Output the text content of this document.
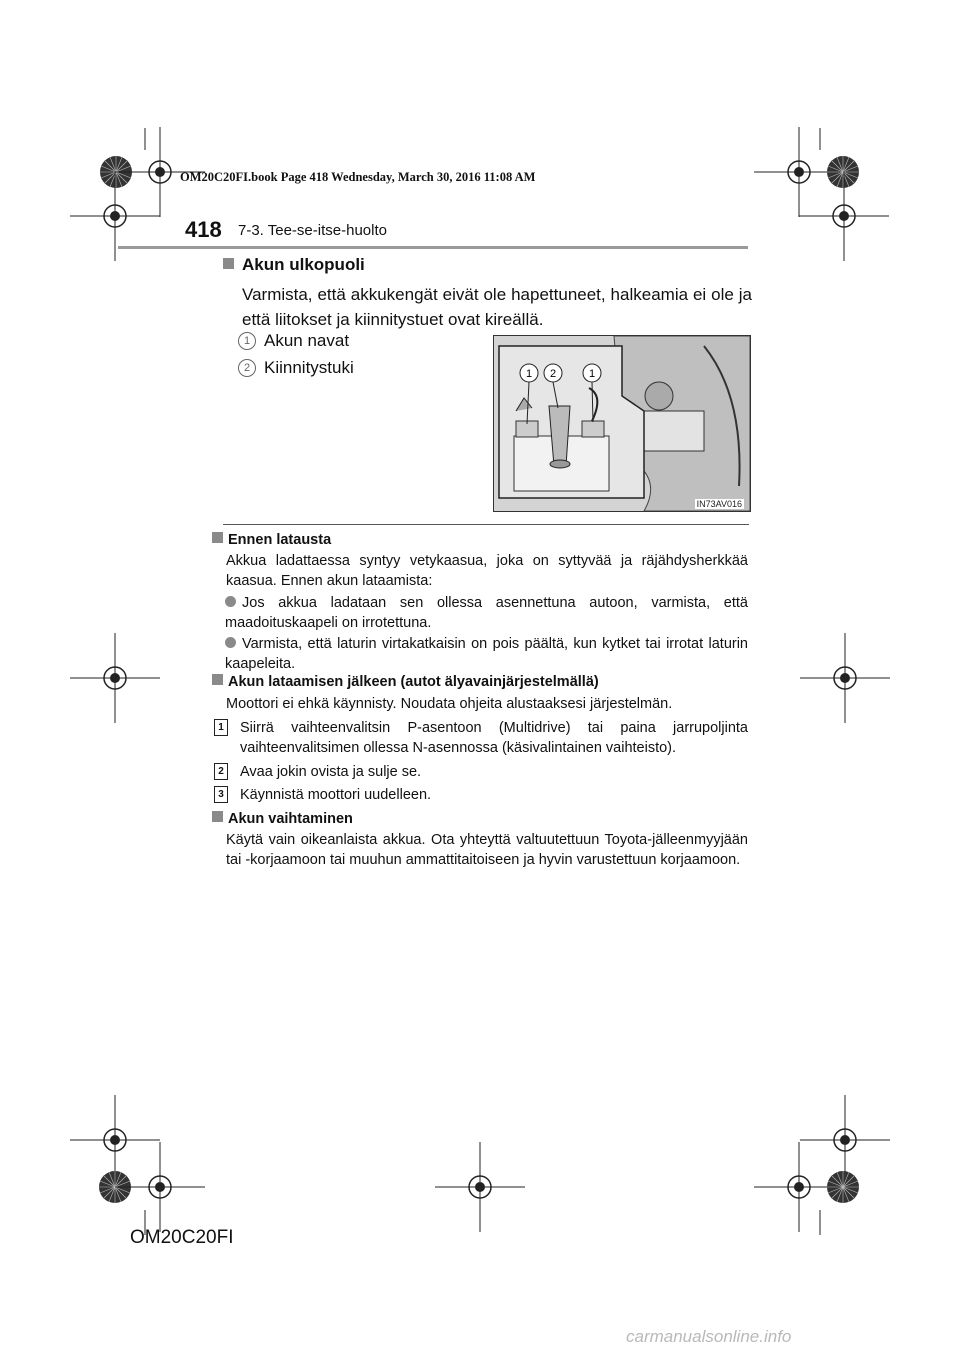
OM20C20FI.book Page 418 Wednesday, March 30, 2016 11:08 AM
418 7-3. Tee-se-itse-huolto
Akun ulkopuoli
Varmista, että akkukengät eivät ole hapettuneet, halkeamia ei ole ja että liitokset ja kiinnitystuet ovat kireällä.
1 Akun navat
2 Kiinnitystuki	1 2	1
IN73AV016
Ennen latausta
Akkua ladattaessa syntyy vetykaasua, joka on syttyvää ja räjähdysherkkää kaasua. Ennen akun lataamista:
Jos akkua ladataan sen ollessa asennettuna autoon, varmista, että maadoituskaapeli on irrotettuna.
Varmista, että laturin virtakatkaisin on pois päältä, kun kytket tai irrotat laturin kaapeleita.
Akun lataamisen jälkeen (autot älyavainjärjestelmällä)
Moottori ei ehkä käynnisty. Noudata ohjeita alustaaksesi järjestelmän.
1 Siirrä vaihteenvalitsin P-asentoon (Multidrive) tai paina jarrupoljinta vaihteenvalitsimen ollessa N-asennossa (käsivalintainen vaihteisto).
2 Avaa jokin ovista ja sulje se.
3 Käynnistä moottori uudelleen.
Akun vaihtaminen
Käytä vain oikeanlaista akkua. Ota yhteyttä valtuutettuun Toyota-jälleenmyyjään tai -korjaamoon tai muuhun ammattitaitoiseen ja hyvin varustettuun korjaamoon.
OM20C20FI
carmanualsonline.info
